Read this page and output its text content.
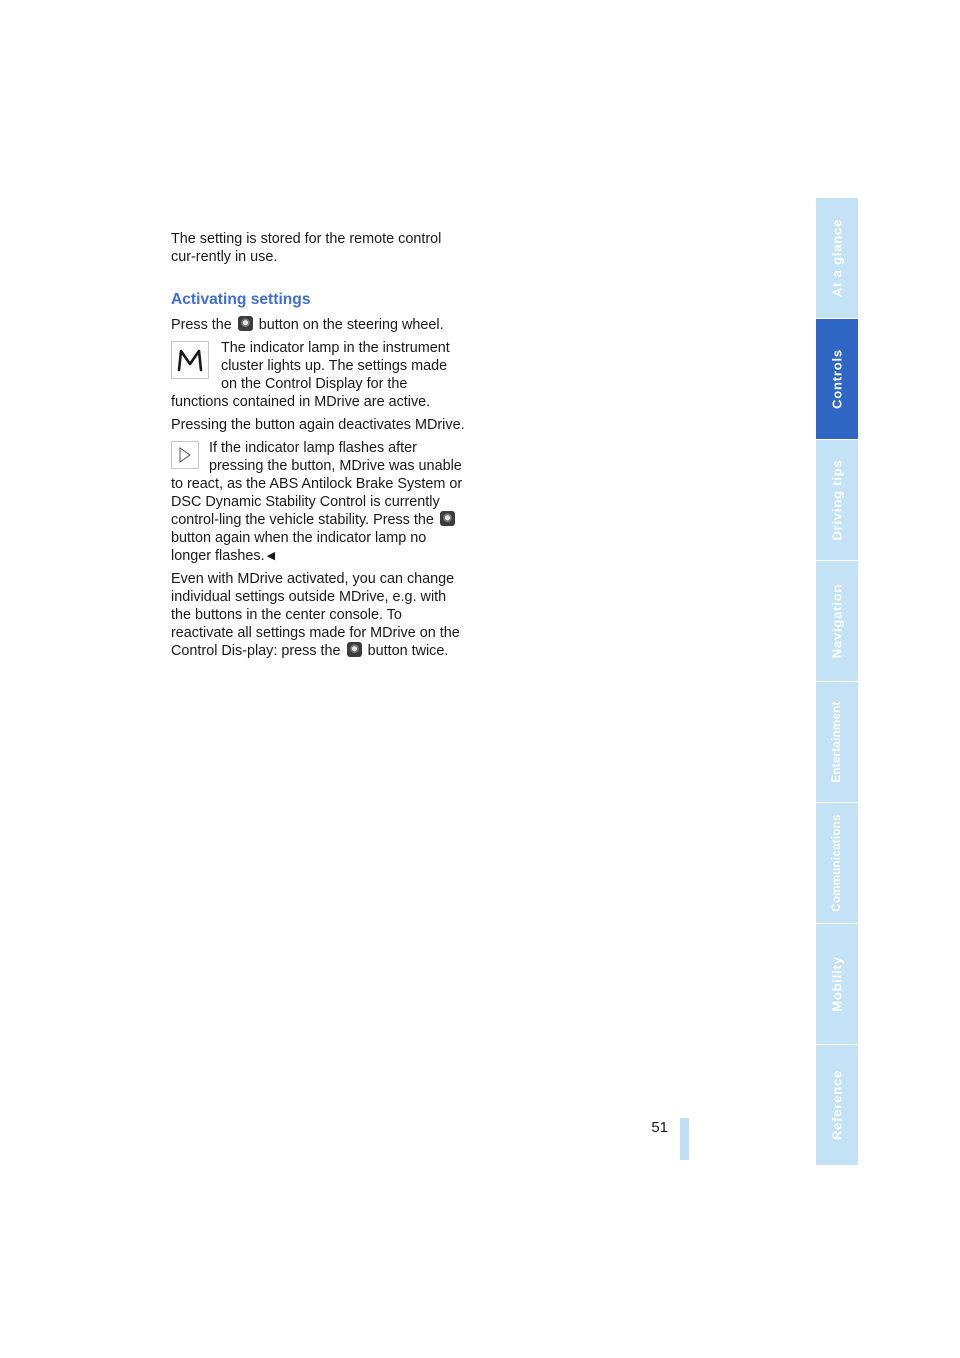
The setting is stored for the remote control cur-rently in use.

Activating settings

Press the button on the steering wheel.

The indicator lamp in the instrument cluster lights up. The settings made on the Control Display for the functions contained in MDrive are active.

Pressing the button again deactivates MDrive.

If the indicator lamp flashes after pressing the button, MDrive was unable to react, as the ABS Antilock Brake System or DSC Dynamic Stability Control is currently control-ling the vehicle stability. Press the  button again when the indicator lamp no longer flashes. ◀

Even with MDrive activated, you can change individual settings outside MDrive, e.g. with the buttons in the center console. To reactivate all settings made for MDrive on the Control Dis-play: press the button twice.

51
At a glance
Controls
Driving tips
Navigation
Entertainment
Communications
Mobility
Reference
